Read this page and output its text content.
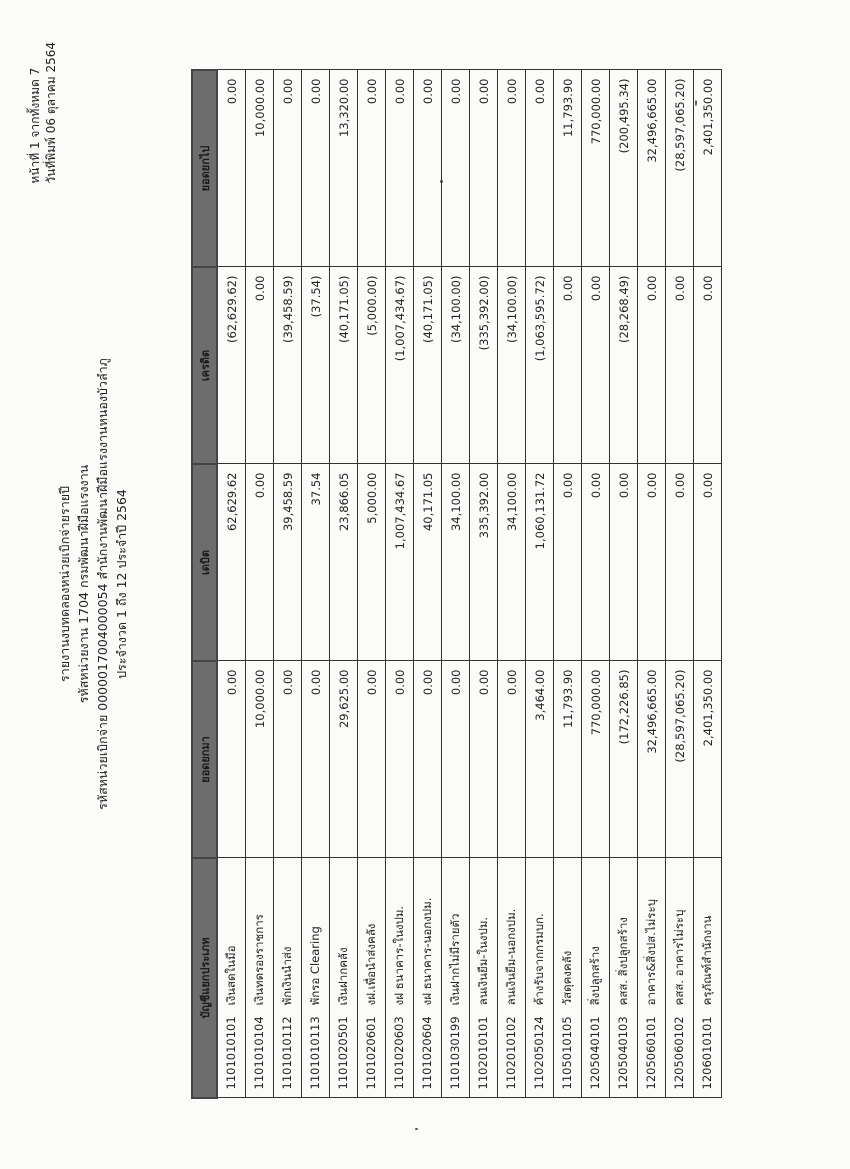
หน้าที่ 1 จากทั้งหมด 7 วันที่พิมพ์ 06 ตุลาคม 2564
รายงานงบทดลองหน่วยเบิกจ่ายรายปี รหัสหน่วยงาน 1704 กรมพัฒนาฝีมือแรงงาน รหัสหน่วยเบิกจ่าย 0000017004000054 สำนักงานพัฒนาฝีมือแรงงานหนองบัวลำภู ประจำงวด 1 ถึง 12 ประจำปี 2564
บัญชีแยกประเภท	ยอดยกมา	เดบิต	เครดิต	ยอดยกไป
1101010101   เงินสดในมือ	0.00	62,629.62	(62,629.62)	0.00
1101010104   เงินทดรองราชการ	10,000.00	0.00	0.00	10,000.00
1101010112   พักเงินนำส่ง	0.00	39,458.59	(39,458.59)	0.00
1101010113   พักรอ Clearing	0.00	37.54	(37.54)	0.00
1101020501   เงินฝากคลัง	29,625.00	23,866.05	(40,171.05)	13,320.00
1101020601   งฝ.เพื่อนำส่งคลัง	0.00	5,000.00	(5,000.00)	0.00
1101020603   งฝ ธนาคาร-ในงปม.	0.00	1,007,434.67	(1,007,434.67)	0.00
1101020604   งฝ ธนาคาร-นอกงปม.	0.00	40,171.05	(40,171.05)	0.00
1101030199   เงินฝากไม่มีรายตัว	0.00	34,100.00	(34,100.00)	0.00
1102010101   ลนเงินยืม-ในงปม.	0.00	335,392.00	(335,392.00)	0.00
1102010102   ลนเงินยืม-นอกงปม.	0.00	34,100.00	(34,100.00)	0.00
1102050124   ค้างรับจากกรมบก.	3,464.00	1,060,131.72	(1,063,595.72)	0.00
1105010105   วัสดุคงคลัง	11,793.90	0.00	0.00	11,793.90
1205040101   สิ่งปลูกสร้าง	770,000.00	0.00	0.00	770,000.00
1205040103   คสส. สิ่งปลูกสร้าง	(172,226.85)	0.00	(28,268.49)	(200,495.34)
1205060101   อาคาร&สิ่งปส.ไม่ระบุ	32,496,665.00	0.00	0.00	32,496,665.00
1205060102   คสส. อาคารไม่ระบุ	(28,597,065.20)	0.00	0.00	(28,597,065.20)
1206010101   ครุภัณฑ์สำนักงาน	2,401,350.00	0.00	0.00	2,401,350.00
